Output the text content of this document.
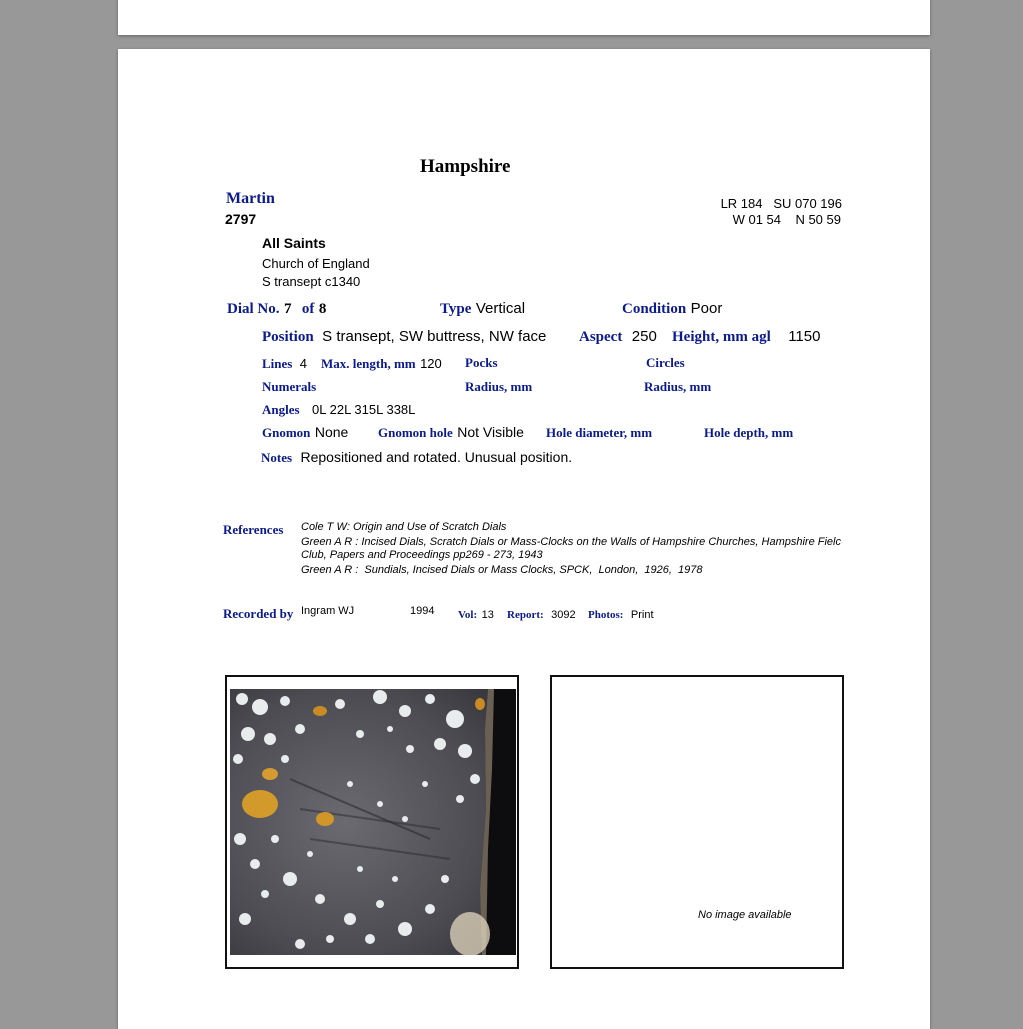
Hampshire
Martin
2797
LR 184   SU 070 196
W 01 54    N 50 59
All Saints
Church of England
S transept c1340
Dial No. 7 of 8	Type Vertical	Condition Poor
Position S transept, SW buttress, NW face Aspect 250 Height, mm agl 1150
Lines 4 Max. length, mm 120 Pocks	Circles
Numerals	Radius, mm	Radius, mm
Angles 0L 22L 315L 338L
Gnomon None Gnomon hole Not Visible Hole diameter, mm	Hole depth, mm
Notes Repositioned and rotated. Unusual position.
References Cole T W: Origin and Use of Scratch Dials
Green A R : Incised Dials, Scratch Dials or Mass-Clocks on the Walls of Hampshire Churches, Hampshire Fielc
Club, Papers and Proceedings pp269 - 273, 1943
Green A R :  Sundials, Incised Dials or Mass Clocks, SPCK,  London,  1926,  1978
Recorded by Ingram WJ	1994 Vol: 13 Report: 3092 Photos: Print
No image available
